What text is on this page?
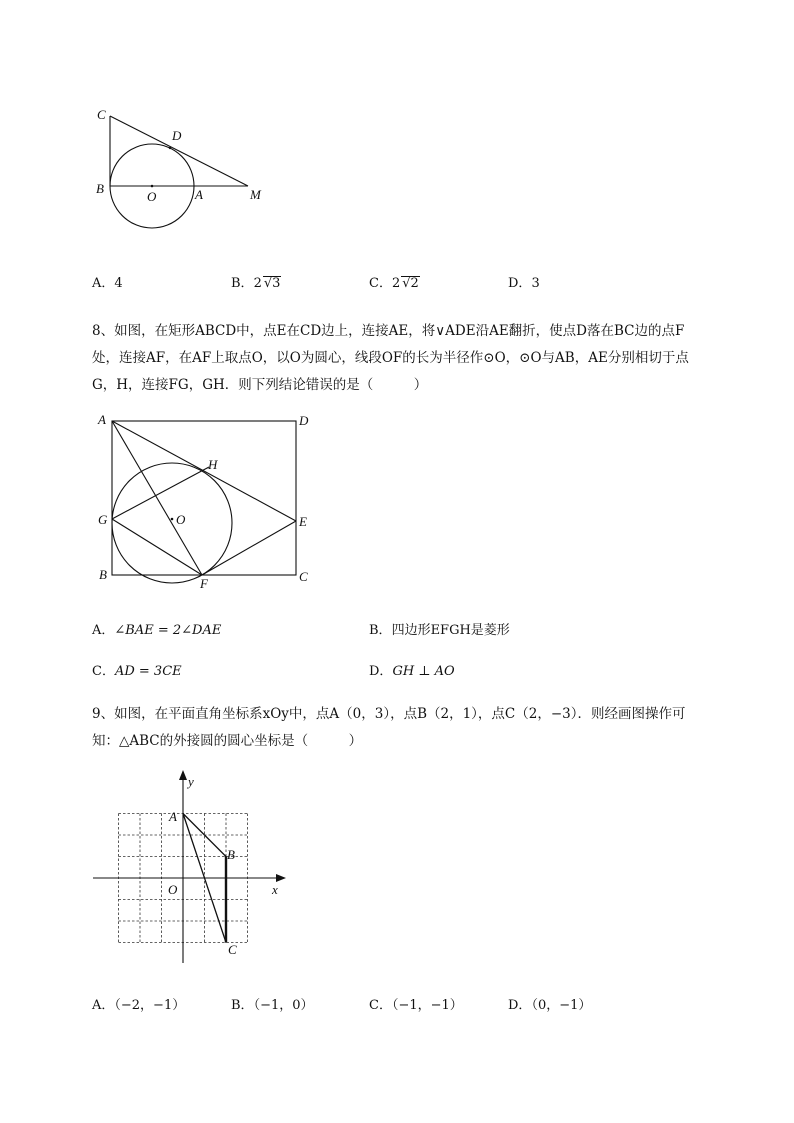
C
D
B
O	A	M
A．4	B．2 √3	C．2 √2	D．3
8、如图，在矩形ABCD中，点E在CD边上，连接AE，将∨ADE沿AE翻折，使点D落在BC边的点F
处，连接AF，在AF上取点O，以O为圆心，线段OF的长为半径作⊙O，⊙O与AB，AE分别相切于点
G，H，连接FG，GH．则下列结论错误的是（　　　）
A	D
H
G	O	E
B
F	C
A．∠BAE = 2∠DAE	B．四边形EFGH是菱形
C．AD = 3CE	D．GH ⊥ AO
9、如图，在平面直角坐标系xOy中，点A（0，3），点B（2，1），点C（2，−3）．则经画图操作可
知：△ABC的外接圆的圆心坐标是（　　　）
y
x
O
A
B
C
A．（−2，−1）	B．（−1，0）	C．（−1，−1）	D．（0，−1）
